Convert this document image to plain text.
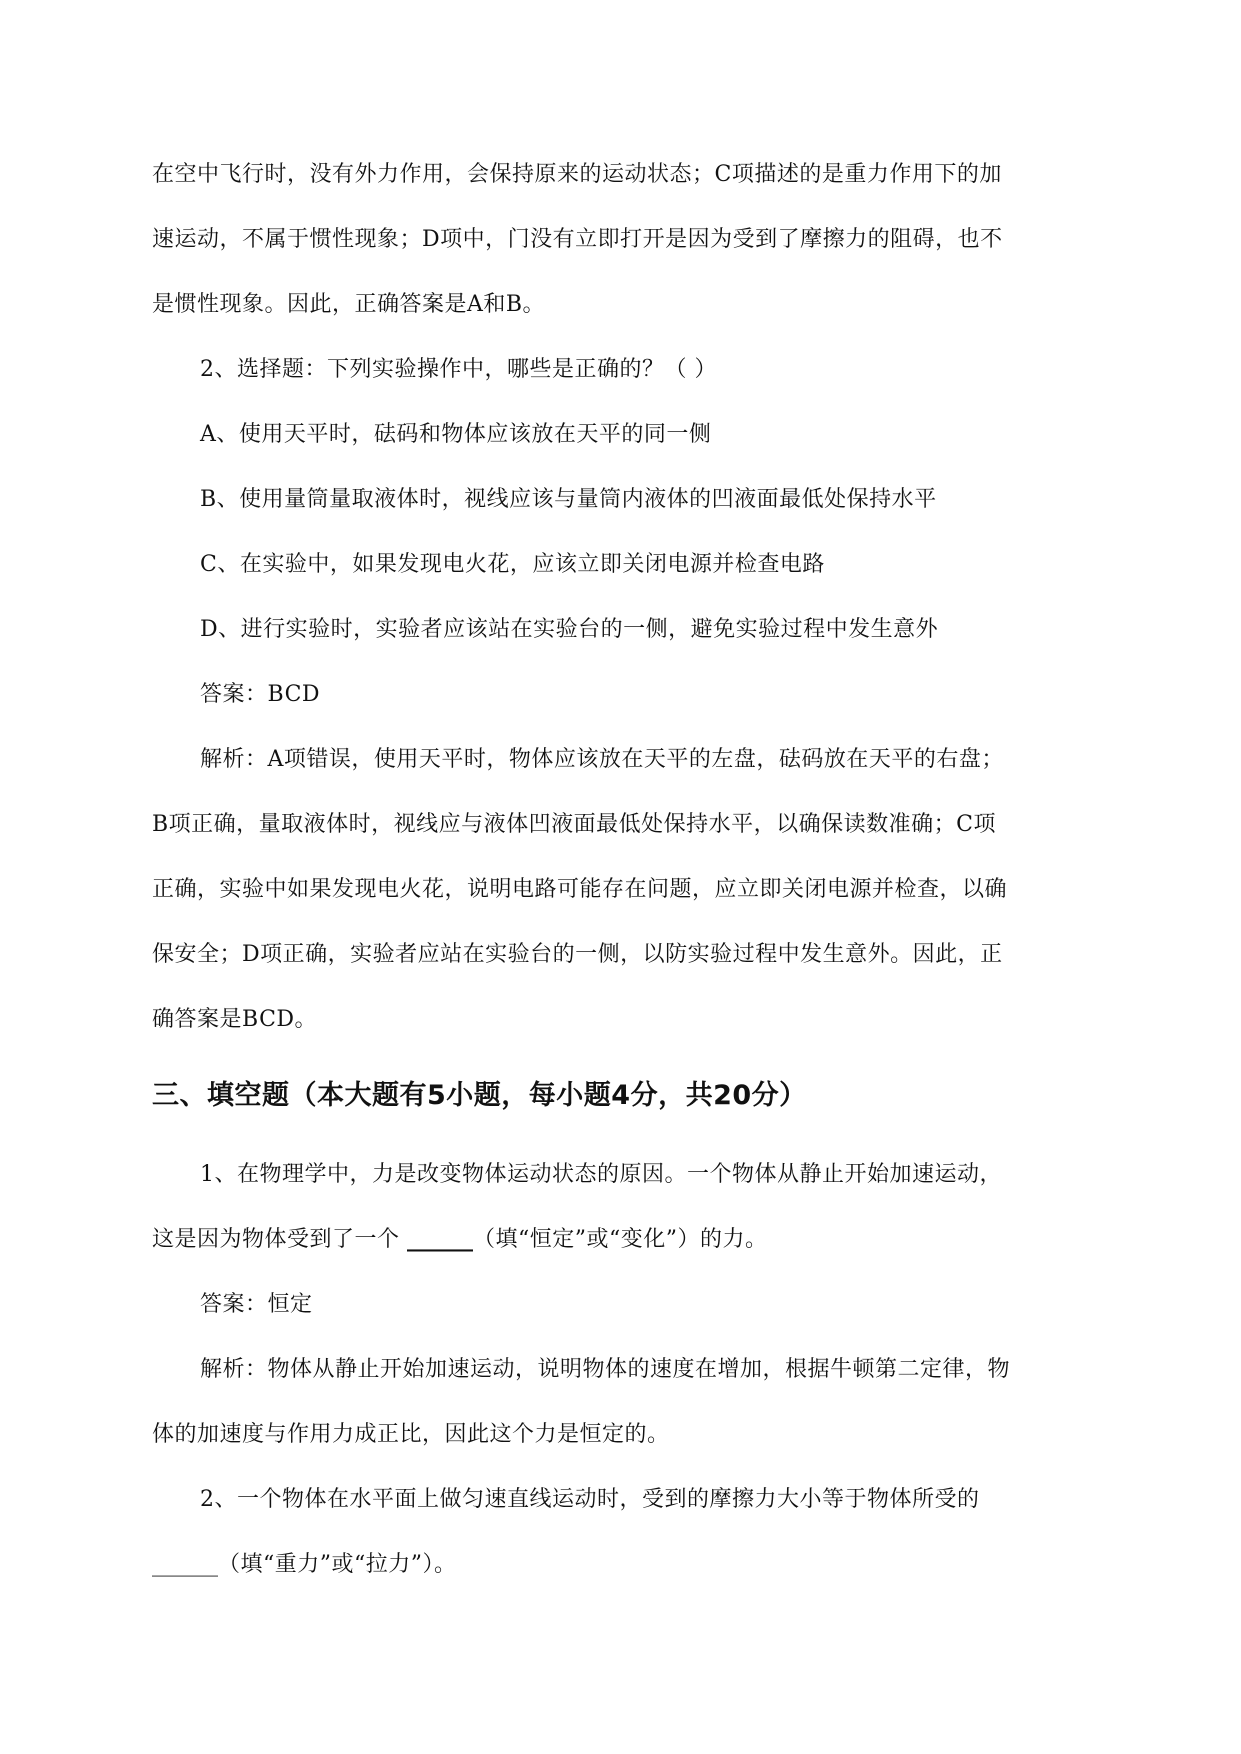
在空中飞行时，没有外力作用，会保持原来的运动状态；C项描述的是重力作用下的加

速运动，不属于惯性现象；D项中，门没有立即打开是因为受到了摩擦力的阻碍，也不

是惯性现象。因此，正确答案是A和B。

2、选择题：下列实验操作中，哪些是正确的？（ ）

A、使用天平时，砝码和物体应该放在天平的同一侧

B、使用量筒量取液体时，视线应该与量筒内液体的凹液面最低处保持水平

C、在实验中，如果发现电火花，应该立即关闭电源并检查电路

D、进行实验时，实验者应该站在实验台的一侧，避免实验过程中发生意外

答案：BCD

解析：A项错误，使用天平时，物体应该放在天平的左盘，砝码放在天平的右盘；

B项正确，量取液体时，视线应与液体凹液面最低处保持水平，以确保读数准确；C项

正确，实验中如果发现电火花，说明电路可能存在问题，应立即关闭电源并检查，以确

保安全；D项正确，实验者应站在实验台的一侧，以防实验过程中发生意外。因此，正

确答案是BCD。

三、填空题（本大题有5小题，每小题4分，共20分）

1、在物理学中，力是改变物体运动状态的原因。一个物体从静止开始加速运动，

这是因为物体受到了一个 ______（填“恒定”或“变化”）的力。

答案：恒定

解析：物体从静止开始加速运动，说明物体的速度在增加，根据牛顿第二定律，物

体的加速度与作用力成正比，因此这个力是恒定的。

2、一个物体在水平面上做匀速直线运动时，受到的摩擦力大小等于物体所受的

______（填“重力”或“拉力”）。
